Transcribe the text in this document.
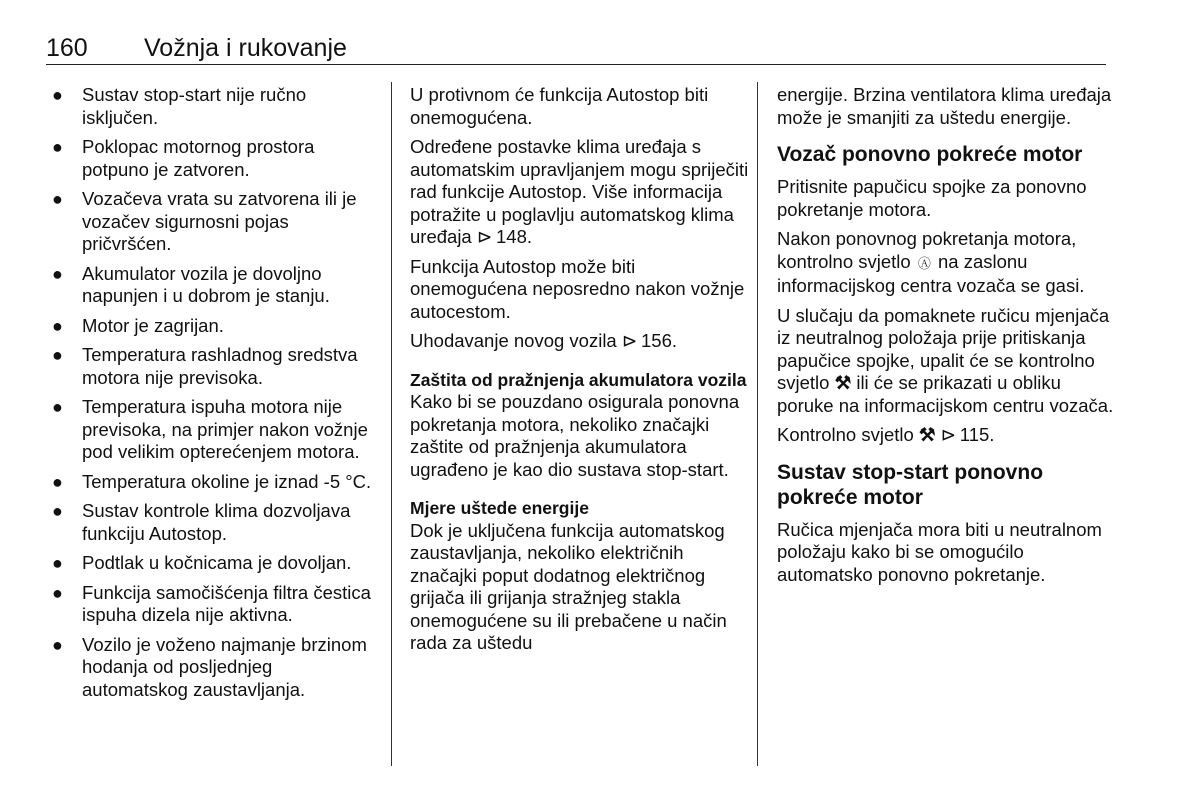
160 Vožnja i rukovanje
● Sustav stop-start nije ručno isključen.
● Poklopac motornog prostora potpuno je zatvoren.
● Vozačeva vrata su zatvorena ili je vozačev sigurnosni pojas pričvršćen.
● Akumulator vozila je dovoljno napunjen i u dobrom je stanju.
● Motor je zagrijan.
● Temperatura rashladnog sredstva motora nije previsoka.
● Temperatura ispuha motora nije previsoka, na primjer nakon vožnje pod velikim opterećenjem motora.
● Temperatura okoline je iznad -5 °C.
● Sustav kontrole klima dozvoljava funkciju Autostop.
● Podtlak u kočnicama je dovoljan.
● Funkcija samočišćenja filtra čestica ispuha dizela nije aktivna.
● Vozilo je voženo najmanje brzinom hodanja od posljednjeg automatskog zaustavljanja.

U protivnom će funkcija Autostop biti onemogućena.

Određene postavke klima uređaja s automatskim upravljanjem mogu spriječiti rad funkcije Autostop. Više informacija potražite u poglavlju automatskog klima uređaja ⊳ 148.

Funkcija Autostop može biti onemogućena neposredno nakon vožnje autocestom.

Uhodavanje novog vozila ⊳ 156.

Zaštita od pražnjenja akumulatora vozila

Kako bi se pouzdano osigurala ponovna pokretanja motora, nekoliko značajki zaštite od pražnjenja akumulatora ugrađeno je kao dio sustava stop-start.

Mjere uštede energije

Dok je uključena funkcija automatskog zaustavljanja, nekoliko električnih značajki poput dodatnog električnog grijača ili grijanja stražnjeg stakla onemogućene su ili prebačene u način rada za uštedu

energije. Brzina ventilatora klima uređaja može je smanjiti za uštedu energije.

Vozač ponovno pokreće motor

Pritisnite papučicu spojke za ponovno pokretanje motora.

Nakon ponovnog pokretanja motora, kontrolno svjetlo Ⓐ na zaslonu informacijskog centra vozača se gasi.

U slučaju da pomaknete ručicu mjenjača iz neutralnog položaja prije pritiskanja papučice spojke, upalit će se kontrolno svjetlo ⚒ ili će se prikazati u obliku poruke na informacijskom centru vozača.

Kontrolno svjetlo ⚒ ⊳ 115.

Sustav stop-start ponovno pokreće motor

Ručica mjenjača mora biti u neutralnom položaju kako bi se omogućilo automatsko ponovno pokretanje.
